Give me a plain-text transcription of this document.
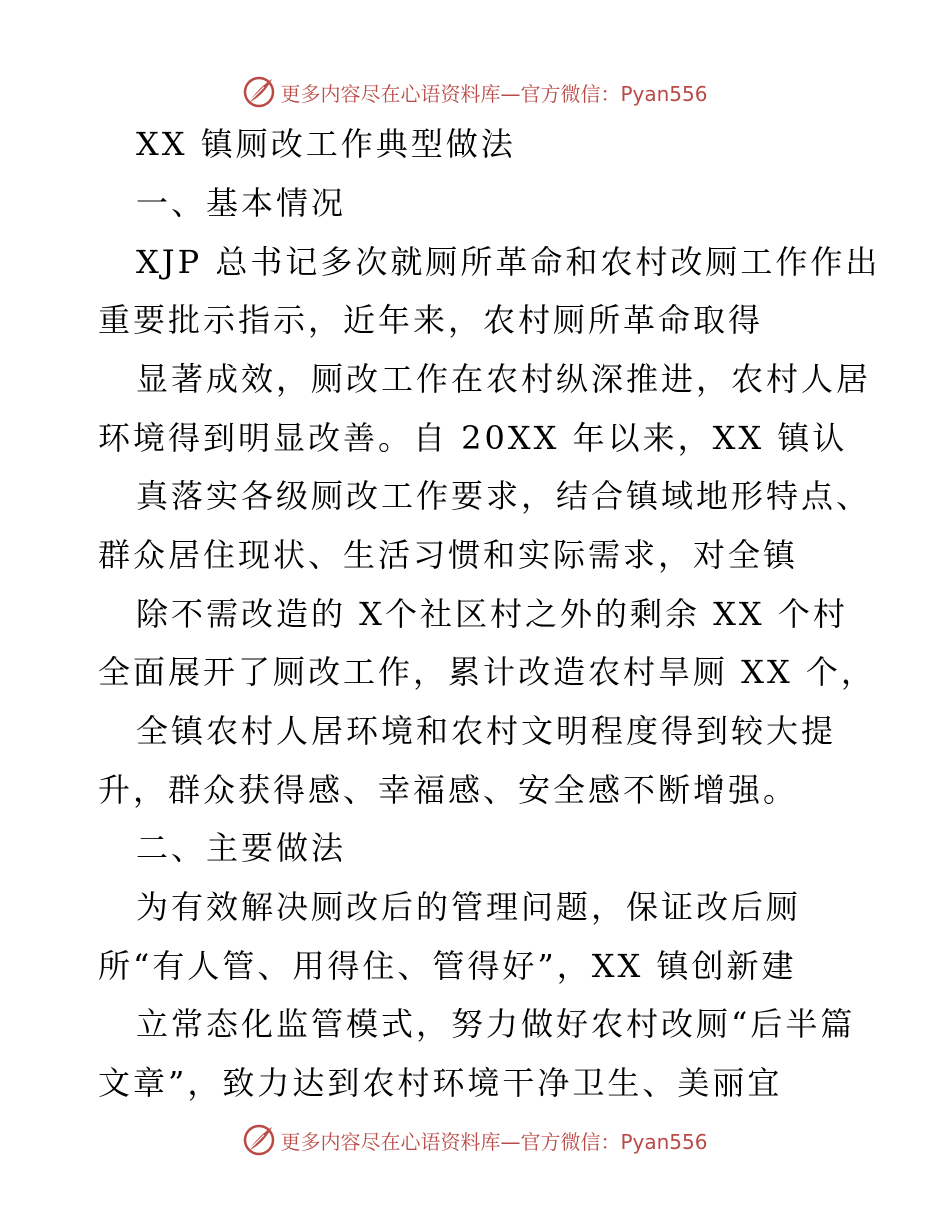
更多内容尽在心语资料库—官方微信：Pyan556
XX 镇厕改工作典型做法
一、基本情况
XJP 总书记多次就厕所革命和农村改厕工作作出
重要批示指示，近年来，农村厕所革命取得
显著成效，厕改工作在农村纵深推进，农村人居
环境得到明显改善。自 20XX 年以来，XX 镇认
真落实各级厕改工作要求，结合镇域地形特点、
群众居住现状、生活习惯和实际需求，对全镇
除不需改造的 X个社区村之外的剩余 XX 个村
全面展开了厕改工作，累计改造农村旱厕 XX 个，
全镇农村人居环境和农村文明程度得到较大提
升，群众获得感、幸福感、安全感不断增强。
二、主要做法
为有效解决厕改后的管理问题，保证改后厕
所“有人管、用得住、管得好”，XX 镇创新建
立常态化监管模式，努力做好农村改厕“后半篇
文章”，致力达到农村环境干净卫生、美丽宜
更多内容尽在心语资料库—官方微信：Pyan556
